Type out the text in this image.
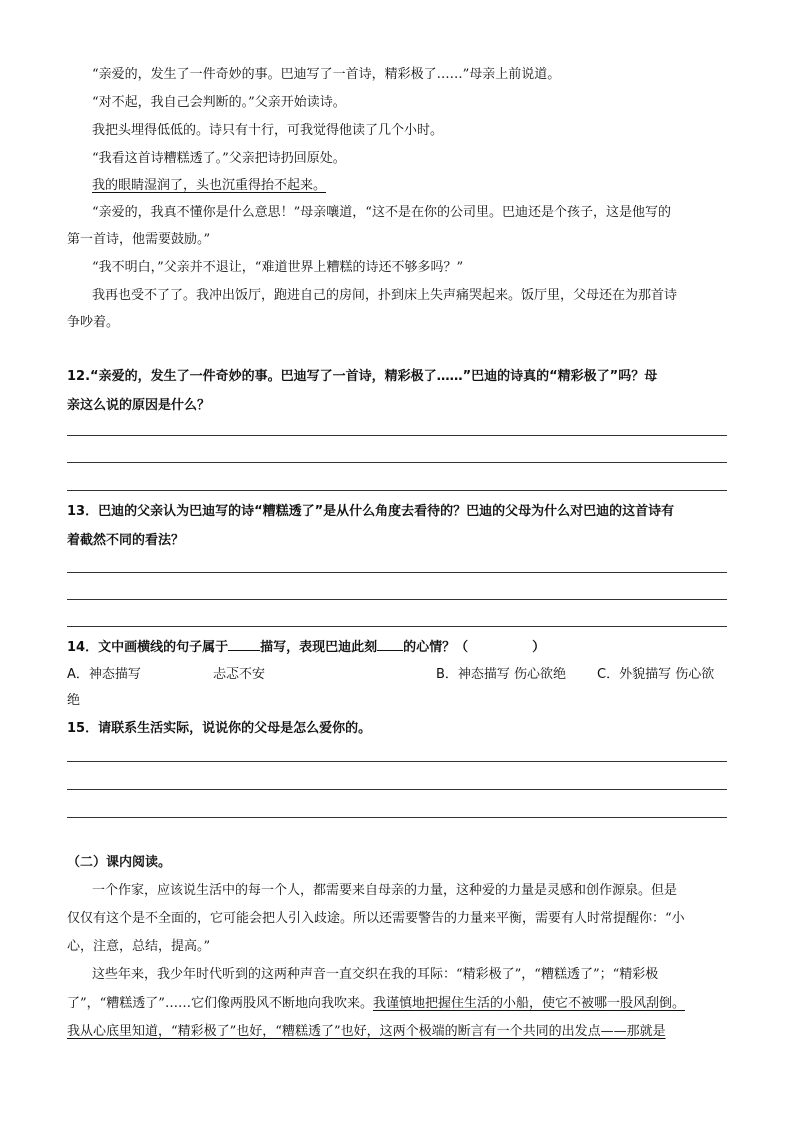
“亲爱的，发生了一件奇妙的事。巴迪写了一首诗，精彩极了……”母亲上前说道。
“对不起，我自己会判断的。”父亲开始读诗。
我把头埋得低低的。诗只有十行，可我觉得他读了几个小时。
“我看这首诗糟糕透了。”父亲把诗扔回原处。
我的眼睛湿润了，头也沉重得抬不起来。
“亲爱的，我真不懂你是什么意思！”母亲嚷道，“这不是在你的公司里。巴迪还是个孩子，这是他写的
第一首诗，他需要鼓励。”
“我不明白，”父亲并不退让，“难道世界上糟糕的诗还不够多吗？”
我再也受不了了。我冲出饭厅，跑进自己的房间，扑到床上失声痛哭起来。饭厅里，父母还在为那首诗
争吵着。
12.“亲爱的，发生了一件奇妙的事。巴迪写了一首诗，精彩极了……”巴迪的诗真的“精彩极了”吗？母
亲这么说的原因是什么？
13．巴迪的父亲认为巴迪写的诗“糟糕透了”是从什么角度去看待的？巴迪的父母为什么对巴迪的这首诗有
着截然不同的看法？
14．文中画横线的句子属于 描写，表现巴迪此刻 的心情？（	）
A．神态描写	忐忑不安	B．神态描写 伤心欲绝 C．外貌描写 伤心欲
绝
15．请联系生活实际，说说你的父母是怎么爱你的。
（二）课内阅读。
一个作家，应该说生活中的每一个人，都需要来自母亲的力量，这种爱的力量是灵感和创作源泉。但是
仅仅有这个是不全面的，它可能会把人引入歧途。所以还需要警告的力量来平衡，需要有人时常提醒你：“小
心，注意，总结，提高。”
这些年来，我少年时代听到的这两种声音一直交织在我的耳际：“精彩极了”，“糟糕透了”；“精彩极
了”，“糟糕透了”……它们像两股风不断地向我吹来。我谨慎地把握住生活的小船，使它不被哪一股风刮倒。
我从心底里知道，“精彩极了”也好，“糟糕透了”也好，这两个极端的断言有一个共同的出发点——那就是
